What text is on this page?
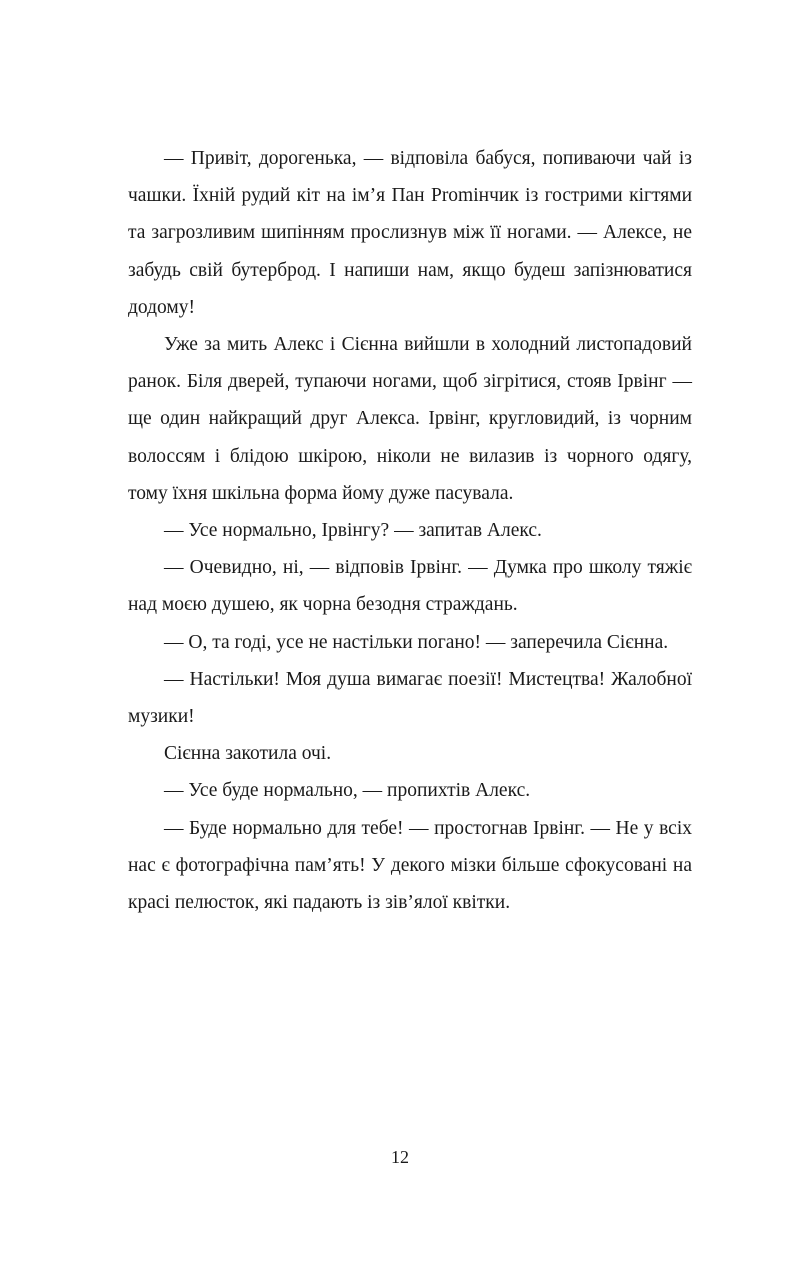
— Привіт, дорогенька, — відповіла бабуся, попиваючи чай із чашки. Їхній рудий кіт на ім’я Пан Promінчик із гострими кігтями та загрозливим шипінням прослизнув між її ногами. — Алексе, не забудь свій бутерброд. І напиши нам, якщо будеш запізнюватися додому!

Уже за мить Алекс і Сієнна вийшли в холодний листопадовий ранок. Біля дверей, тупаючи ногами, щоб зігрітися, стояв Ірвінг — ще один найкращий друг Алекса. Ірвінг, кругловидий, із чорним волоссям і блідою шкірою, ніколи не вилазив із чорного одягу, тому їхня шкільна форма йому дуже пасувала.

— Усе нормально, Ірвінгу? — запитав Алекс.

— Очевидно, ні, — відповів Ірвінг. — Думка про школу тяжіє над моєю душею, як чорна безодня страждань.

— О, та годі, усе не настільки погано! — заперечила Сієнна.

— Настільки! Моя душа вимагає поезії! Мистецтва! Жалобної музики!

Сієнна закотила очі.

— Усе буде нормально, — пропихтів Алекс.

— Буде нормально для тебе! — простогнав Ірвінг. — Не у всіх нас є фотографічна пам’ять! У декого мізки більше сфокусовані на красі пелюсток, які падають із зів’ялої квітки.

12
